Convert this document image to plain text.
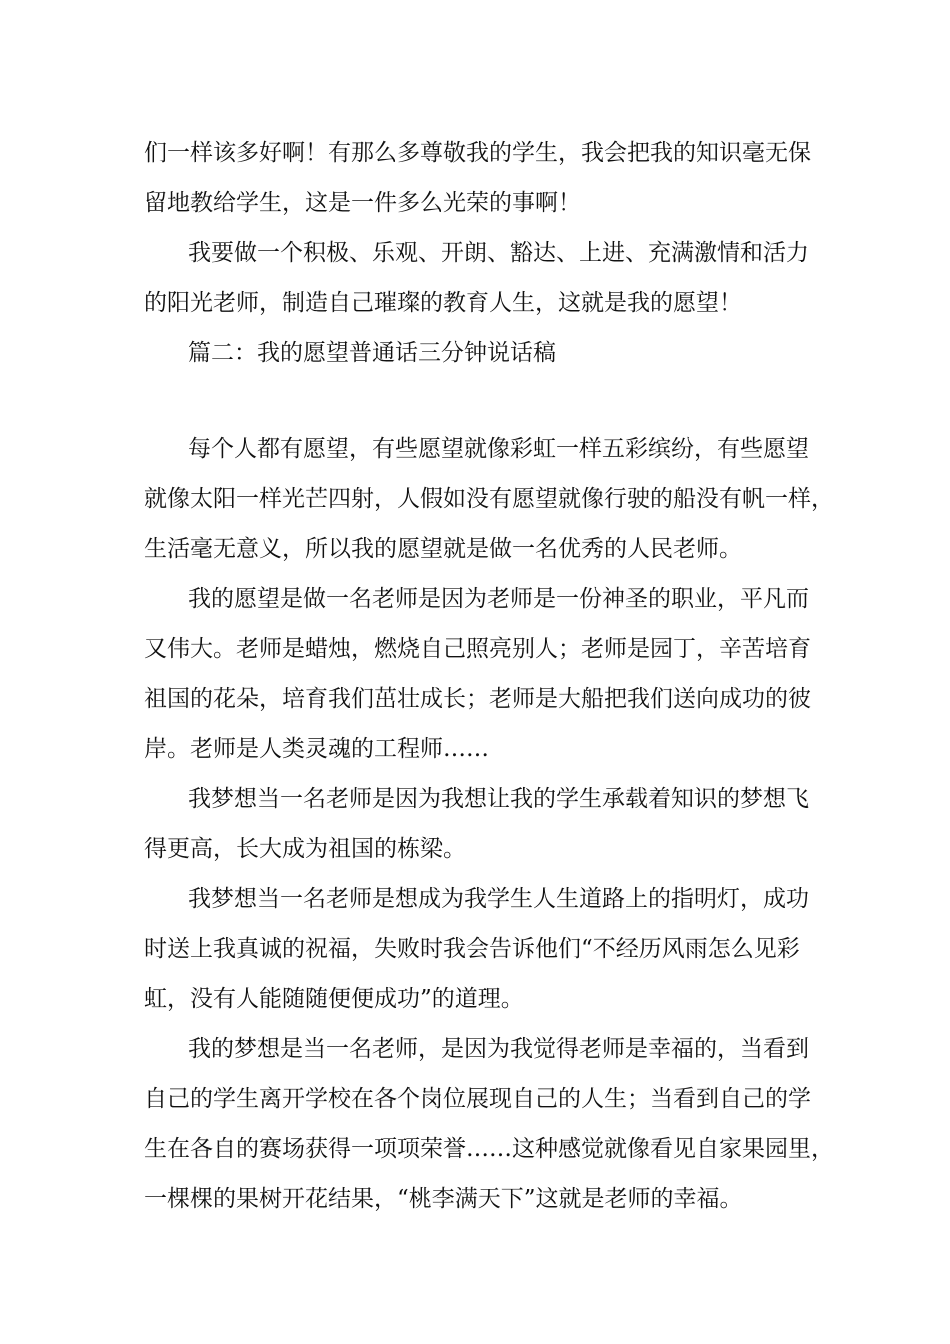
们一样该多好啊！有那么多尊敬我的学生，我会把我的知识毫无保
留地教给学生，这是一件多么光荣的事啊！
我要做一个积极、乐观、开朗、豁达、上进、充满激情和活力
的阳光老师，制造自己璀璨的教育人生，这就是我的愿望！
篇二：我的愿望普通话三分钟说话稿
每个人都有愿望，有些愿望就像彩虹一样五彩缤纷，有些愿望
就像太阳一样光芒四射，人假如没有愿望就像行驶的船没有帆一样，
生活毫无意义，所以我的愿望就是做一名优秀的人民老师。
我的愿望是做一名老师是因为老师是一份神圣的职业，平凡而
又伟大。老师是蜡烛，燃烧自己照亮别人；老师是园丁，辛苦培育
祖国的花朵，培育我们茁壮成长；老师是大船把我们送向成功的彼
岸。老师是人类灵魂的工程师……
我梦想当一名老师是因为我想让我的学生承载着知识的梦想飞
得更高，长大成为祖国的栋梁。
我梦想当一名老师是想成为我学生人生道路上的指明灯，成功
时送上我真诚的祝福，失败时我会告诉他们“不经历风雨怎么见彩
虹，没有人能随随便便成功”的道理。
我的梦想是当一名老师，是因为我觉得老师是幸福的，当看到
自己的学生离开学校在各个岗位展现自己的人生；当看到自己的学
生在各自的赛场获得一项项荣誉……这种感觉就像看见自家果园里，
一棵棵的果树开花结果，“桃李满天下”这就是老师的幸福。
